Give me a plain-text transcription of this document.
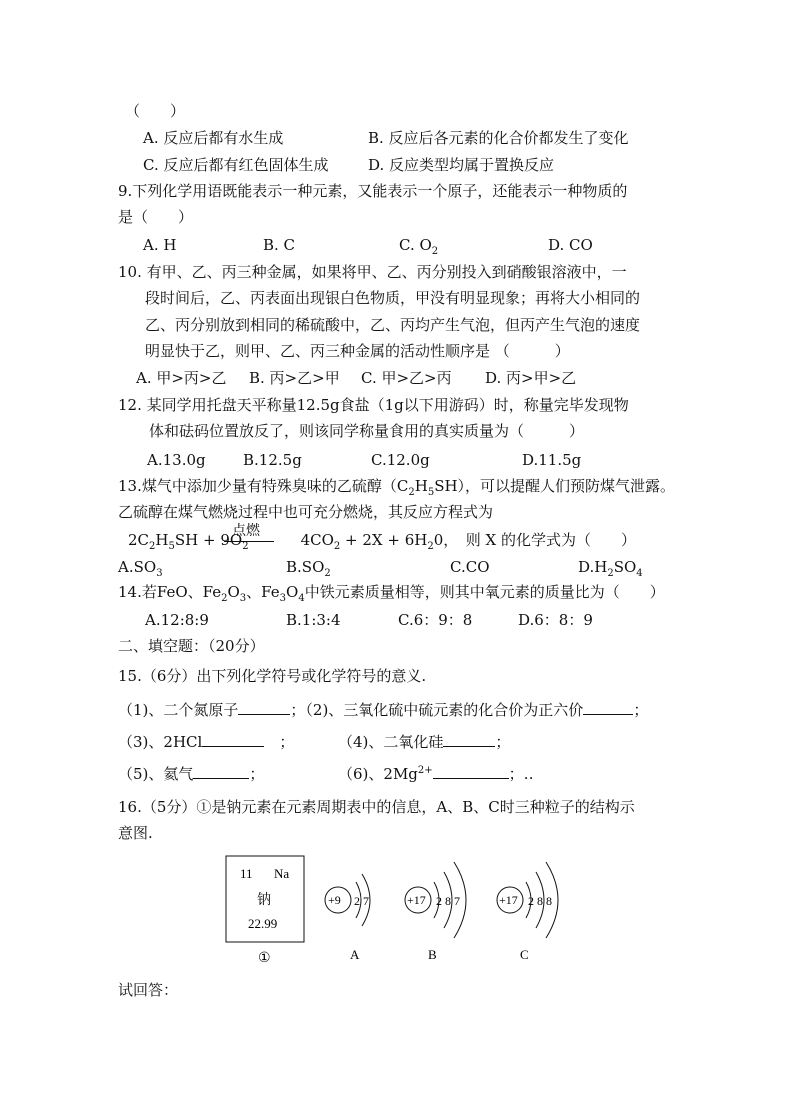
（　　）
A. 反应后都有水生成	B. 反应后各元素的化合价都发生了变化
C. 反应后都有红色固体生成	D. 反应类型均属于置换反应
9.下列化学用语既能表示一种元素，又能表示一个原子，还能表示一种物质的
是（　　）
A. H	B. C	C. $O_2$	D. CO
10. 有甲、乙、丙三种金属，如果将甲、乙、丙分别投入到硝酸银溶液中，一
段时间后，乙、丙表面出现银白色物质，甲没有明显现象；再将大小相同的
乙、丙分别放到相同的稀硫酸中，乙、丙均产生气泡，但丙产生气泡的速度
明显快于乙，则甲、乙、丙三种金属的活动性顺序是 （　　　）
A. 甲>丙>乙 B. 丙>乙>甲 C. 甲>乙>丙 D. 丙>甲>乙
12. 某同学用托盘天平称量12.5g食盐（1g以下用游码）时，称量完毕发现物
体和砝码位置放反了，则该同学称量食用的真实质量为（　　　）
A.13.0g B.12.5g	C.12.0g	D.11.5g
13.煤气中添加少量有特殊臭味的乙硫醇$(C_2H_5SH)$，可以提醒人们预防煤气泄露。
乙硫醇在煤气燃烧过程中也可充分燃烧，其反应方程式为
点燃
$2C_2H_5SH + 9O_2$	$4CO_2 + 2X + 6H_20$，　则 X 的化学式为（　　）
$A.SO_3$	$B.SO_2$	C.CO	$D.H_2SO_4$
14.若FeO、$Fe_2O_3$、$Fe_3O_4$中铁元素质量相等，则其中氧元素的质量比为（　　）
A.12:8:9	B.1:3:4	C.6：9：8	D.6：8：9
二、填空题：（20分）
15.（6分）出下列化学符号或化学符号的意义.
（1)、二个氮原子	；（2)、三氧化硫中硫元素的化合价为正六价	；
（3)、2HCl　	；	（4)、二氧化硅	；
（5)、氦气	；	（6)、$2Mg^{2+}$	；‥
16.（5分）①是钠元素在元素周期表中的信息，A、B、C时三种粒子的结构示
意图.
11 Na
钠
22.99
①
+9 2 7
A
+17 2 8 7
B
+17 2 8 8
C
试回答：
